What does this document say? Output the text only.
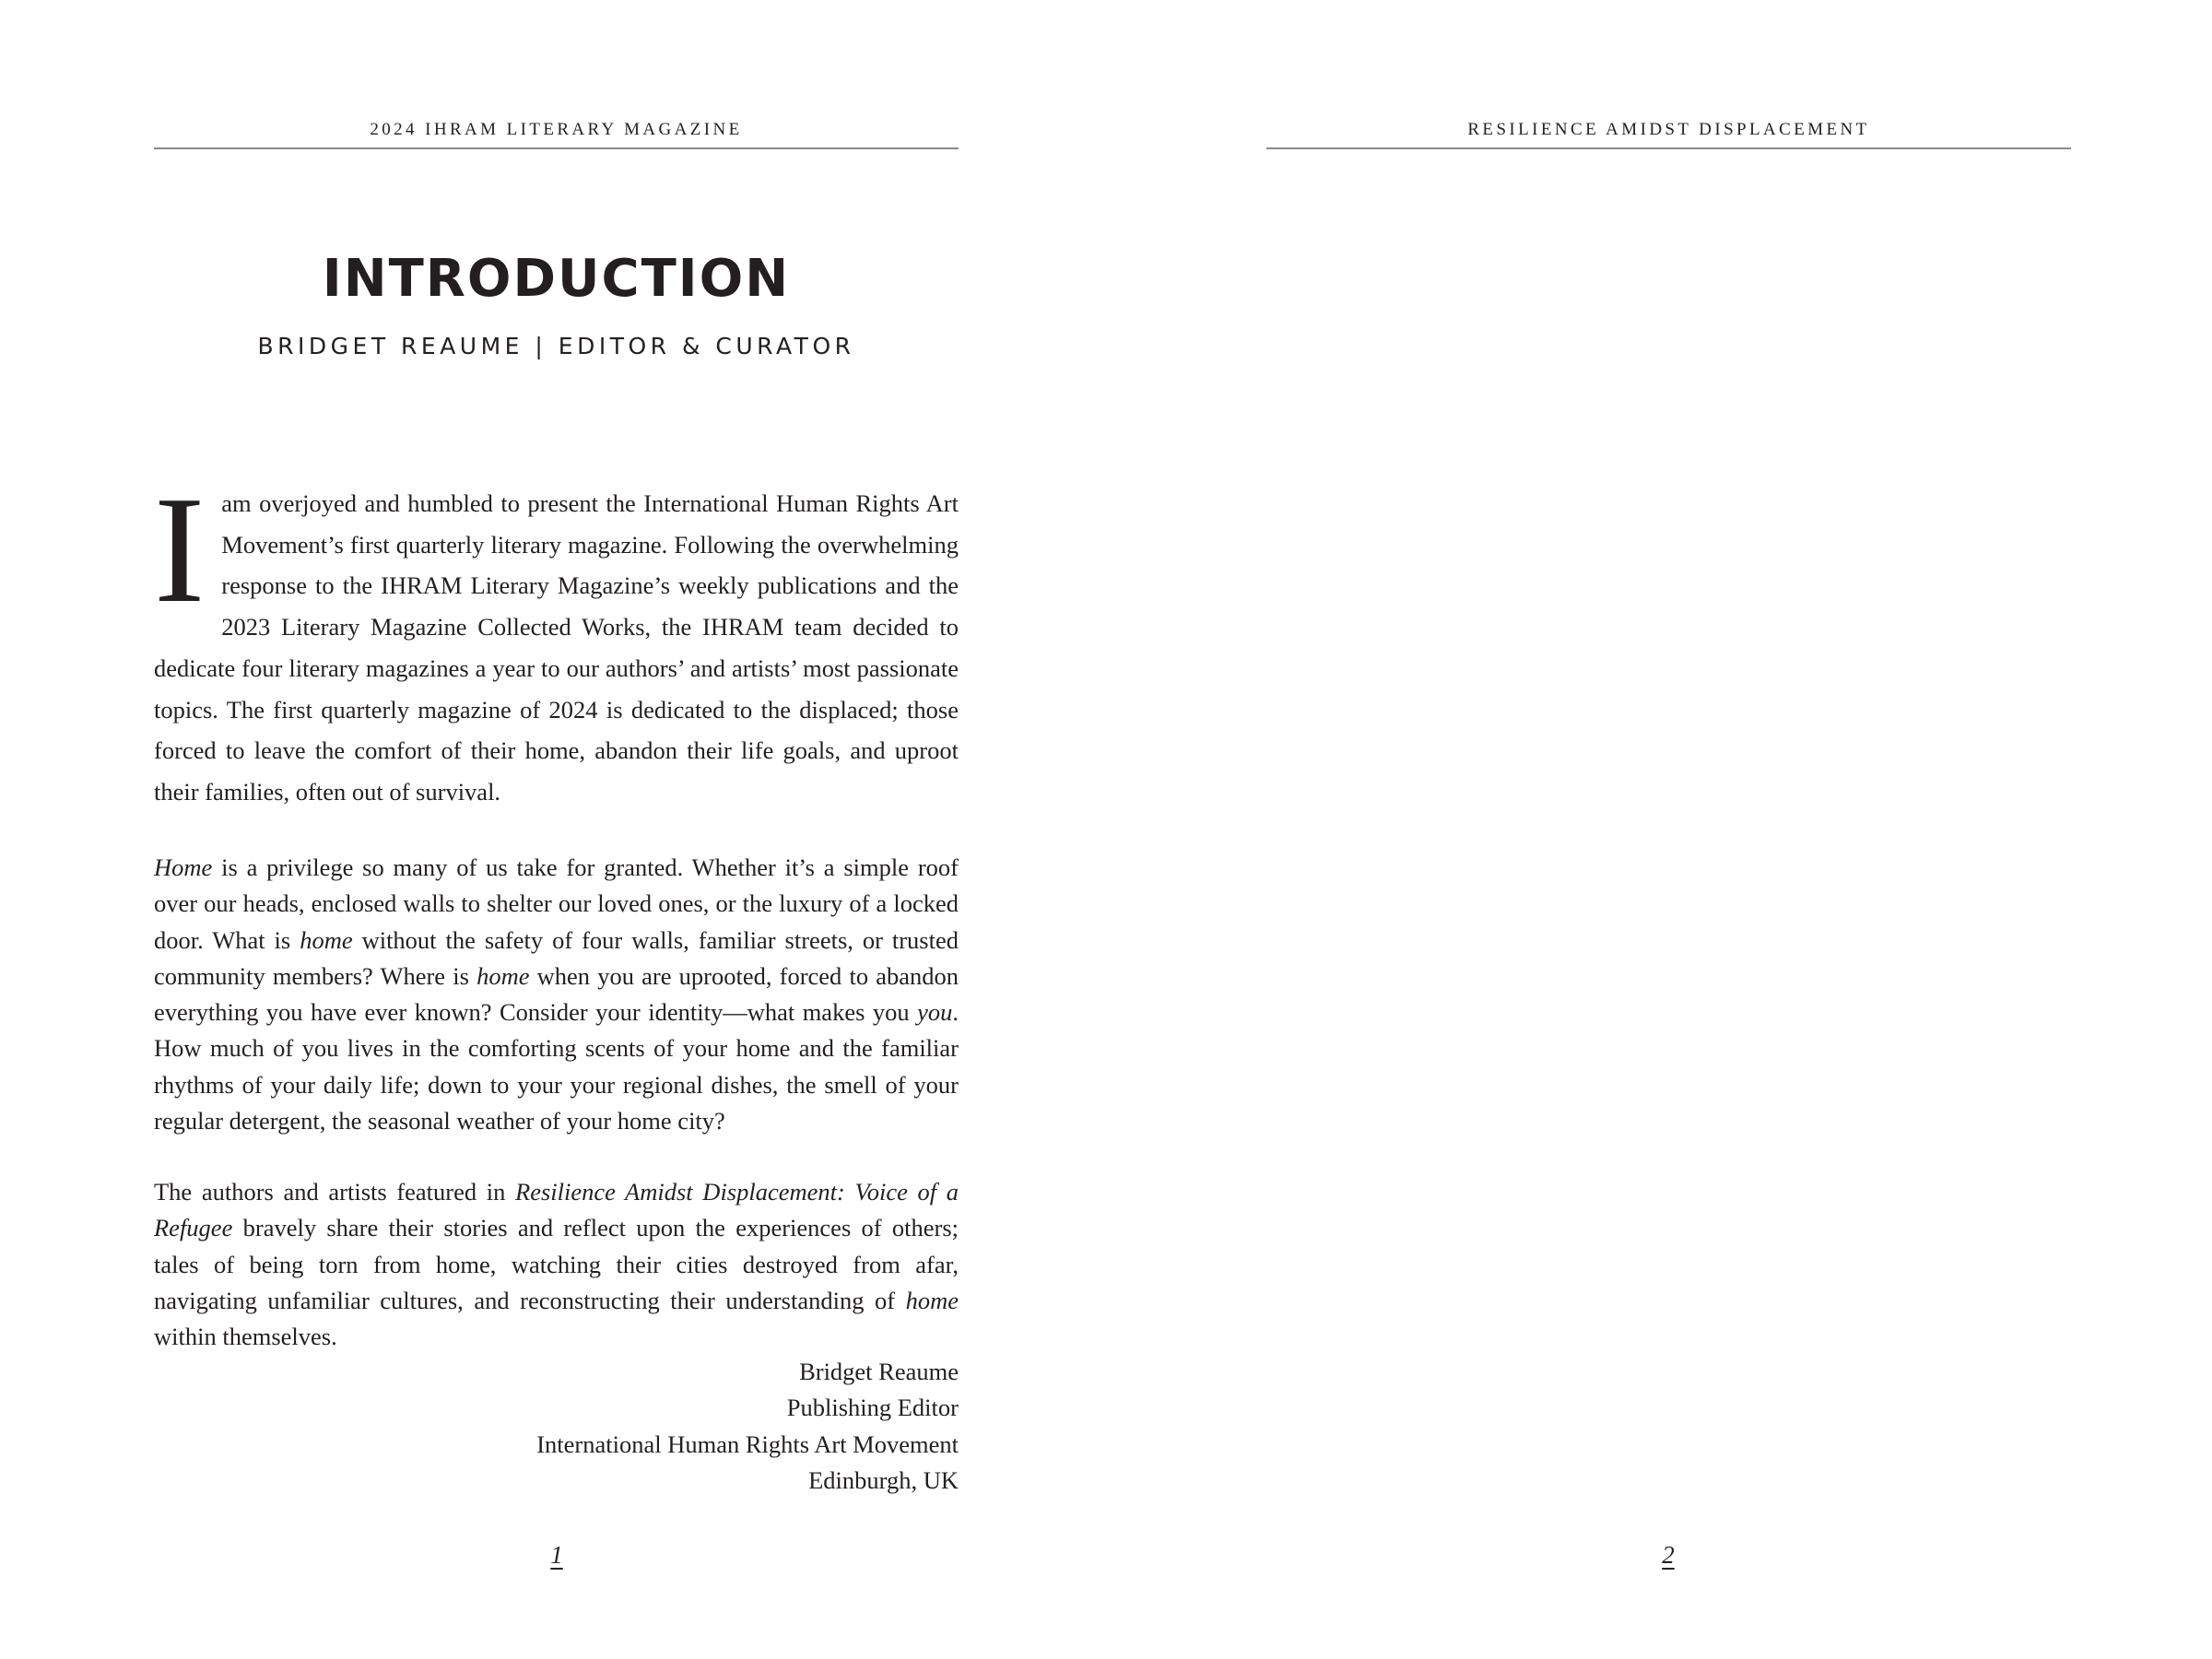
2024 IHRAM LITERARY MAGAZINE
INTRODUCTION
BRIDGET REAUME | EDITOR & CURATOR
Iam overjoyed and humbled to present the International Human Rights Art Movement’s first quarterly literary magazine. Following the overwhelming response to the IHRAM Literary Magazine’s weekly publications and the 2023 Literary Magazine Collected Works, the IHRAM team decided to dedicate four literary magazines a year to our authors’ and artists’ most passionate topics. The first quarterly magazine of 2024 is dedicated to the displaced; those forced to leave the comfort of their home, abandon their life goals, and uproot their families, often out of survival.
Home is a privilege so many of us take for granted. Whether it’s a simple roof over our heads, enclosed walls to shelter our loved ones, or the luxury of a locked door. What is home without the safety of four walls, familiar streets, or trusted community members? Where is home when you are uprooted, forced to abandon everything you have ever known? Consider your identity—what makes you you. How much of you lives in the comforting scents of your home and the familiar rhythms of your daily life; down to your your regional dishes, the smell of your regular detergent, the seasonal weather of your home city?
The authors and artists featured in Resilience Amidst Displacement: Voice of a Refugee bravely share their stories and reflect upon the experiences of others; tales of being torn from home, watching their cities destroyed from afar, navigating unfamiliar cultures, and reconstructing their understanding of home within themselves.
Bridget Reaume
Publishing Editor
International Human Rights Art Movement
Edinburgh, UK
1
RESILIENCE AMIDST DISPLACEMENT
2
